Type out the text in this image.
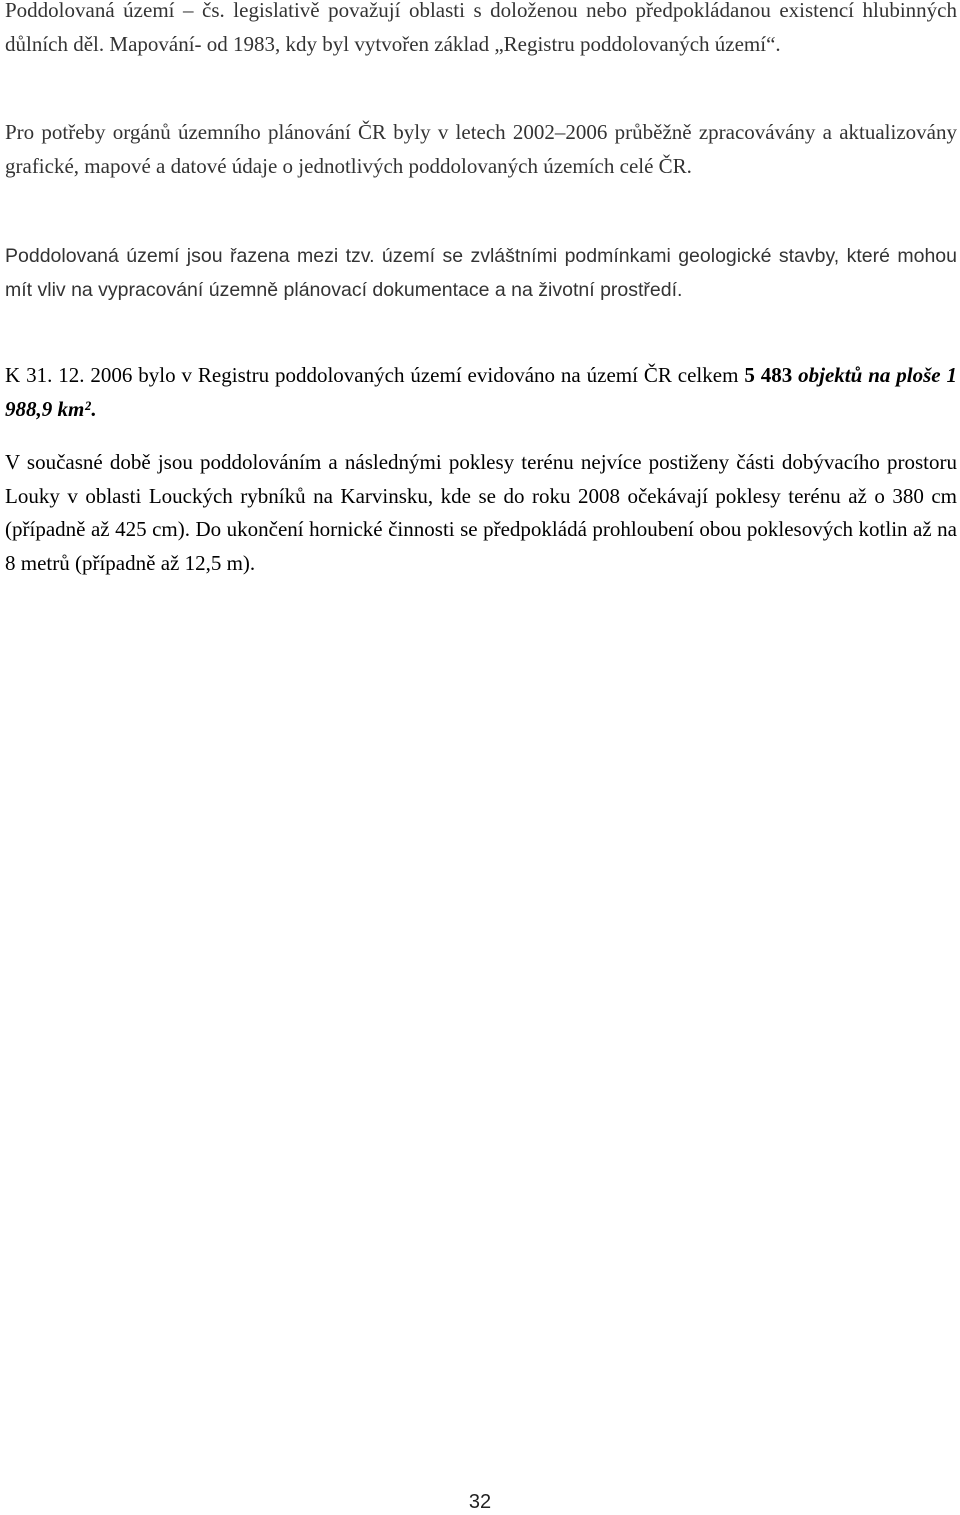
Poddolovaná území – čs. legislativě považují oblasti s doloženou nebo předpokládanou existencí hlubinných důlních děl. Mapování- od 1983, kdy byl vytvořen základ „Registru poddolovaných území“.

Pro potřeby orgánů územního plánování ČR byly v letech 2002–2006 průběžně zpracovávány a aktualizovány grafické, mapové a datové údaje o jednotlivých poddolovaných územích celé ČR.

Poddolovaná území jsou řazena mezi tzv. území se zvláštními podmínkami geologické stavby, které mohou mít vliv na vypracování územně plánovací dokumentace a na životní prostředí.

K 31. 12. 2006 bylo v Registru poddolovaných území evidováno na území ČR celkem 5 483 objektů na ploše 1 988,9 km².

V současné době jsou poddolováním a následnými poklesy terénu nejvíce postiženy části dobývacího prostoru Louky v oblasti Louckých rybníků na Karvinsku, kde se do roku 2008 očekávají poklesy terénu až o 380 cm (případně až 425 cm). Do ukončení hornické činnosti se předpokládá prohloubení obou poklesových kotlin až na 8 metrů (případně až 12,5 m).

32
